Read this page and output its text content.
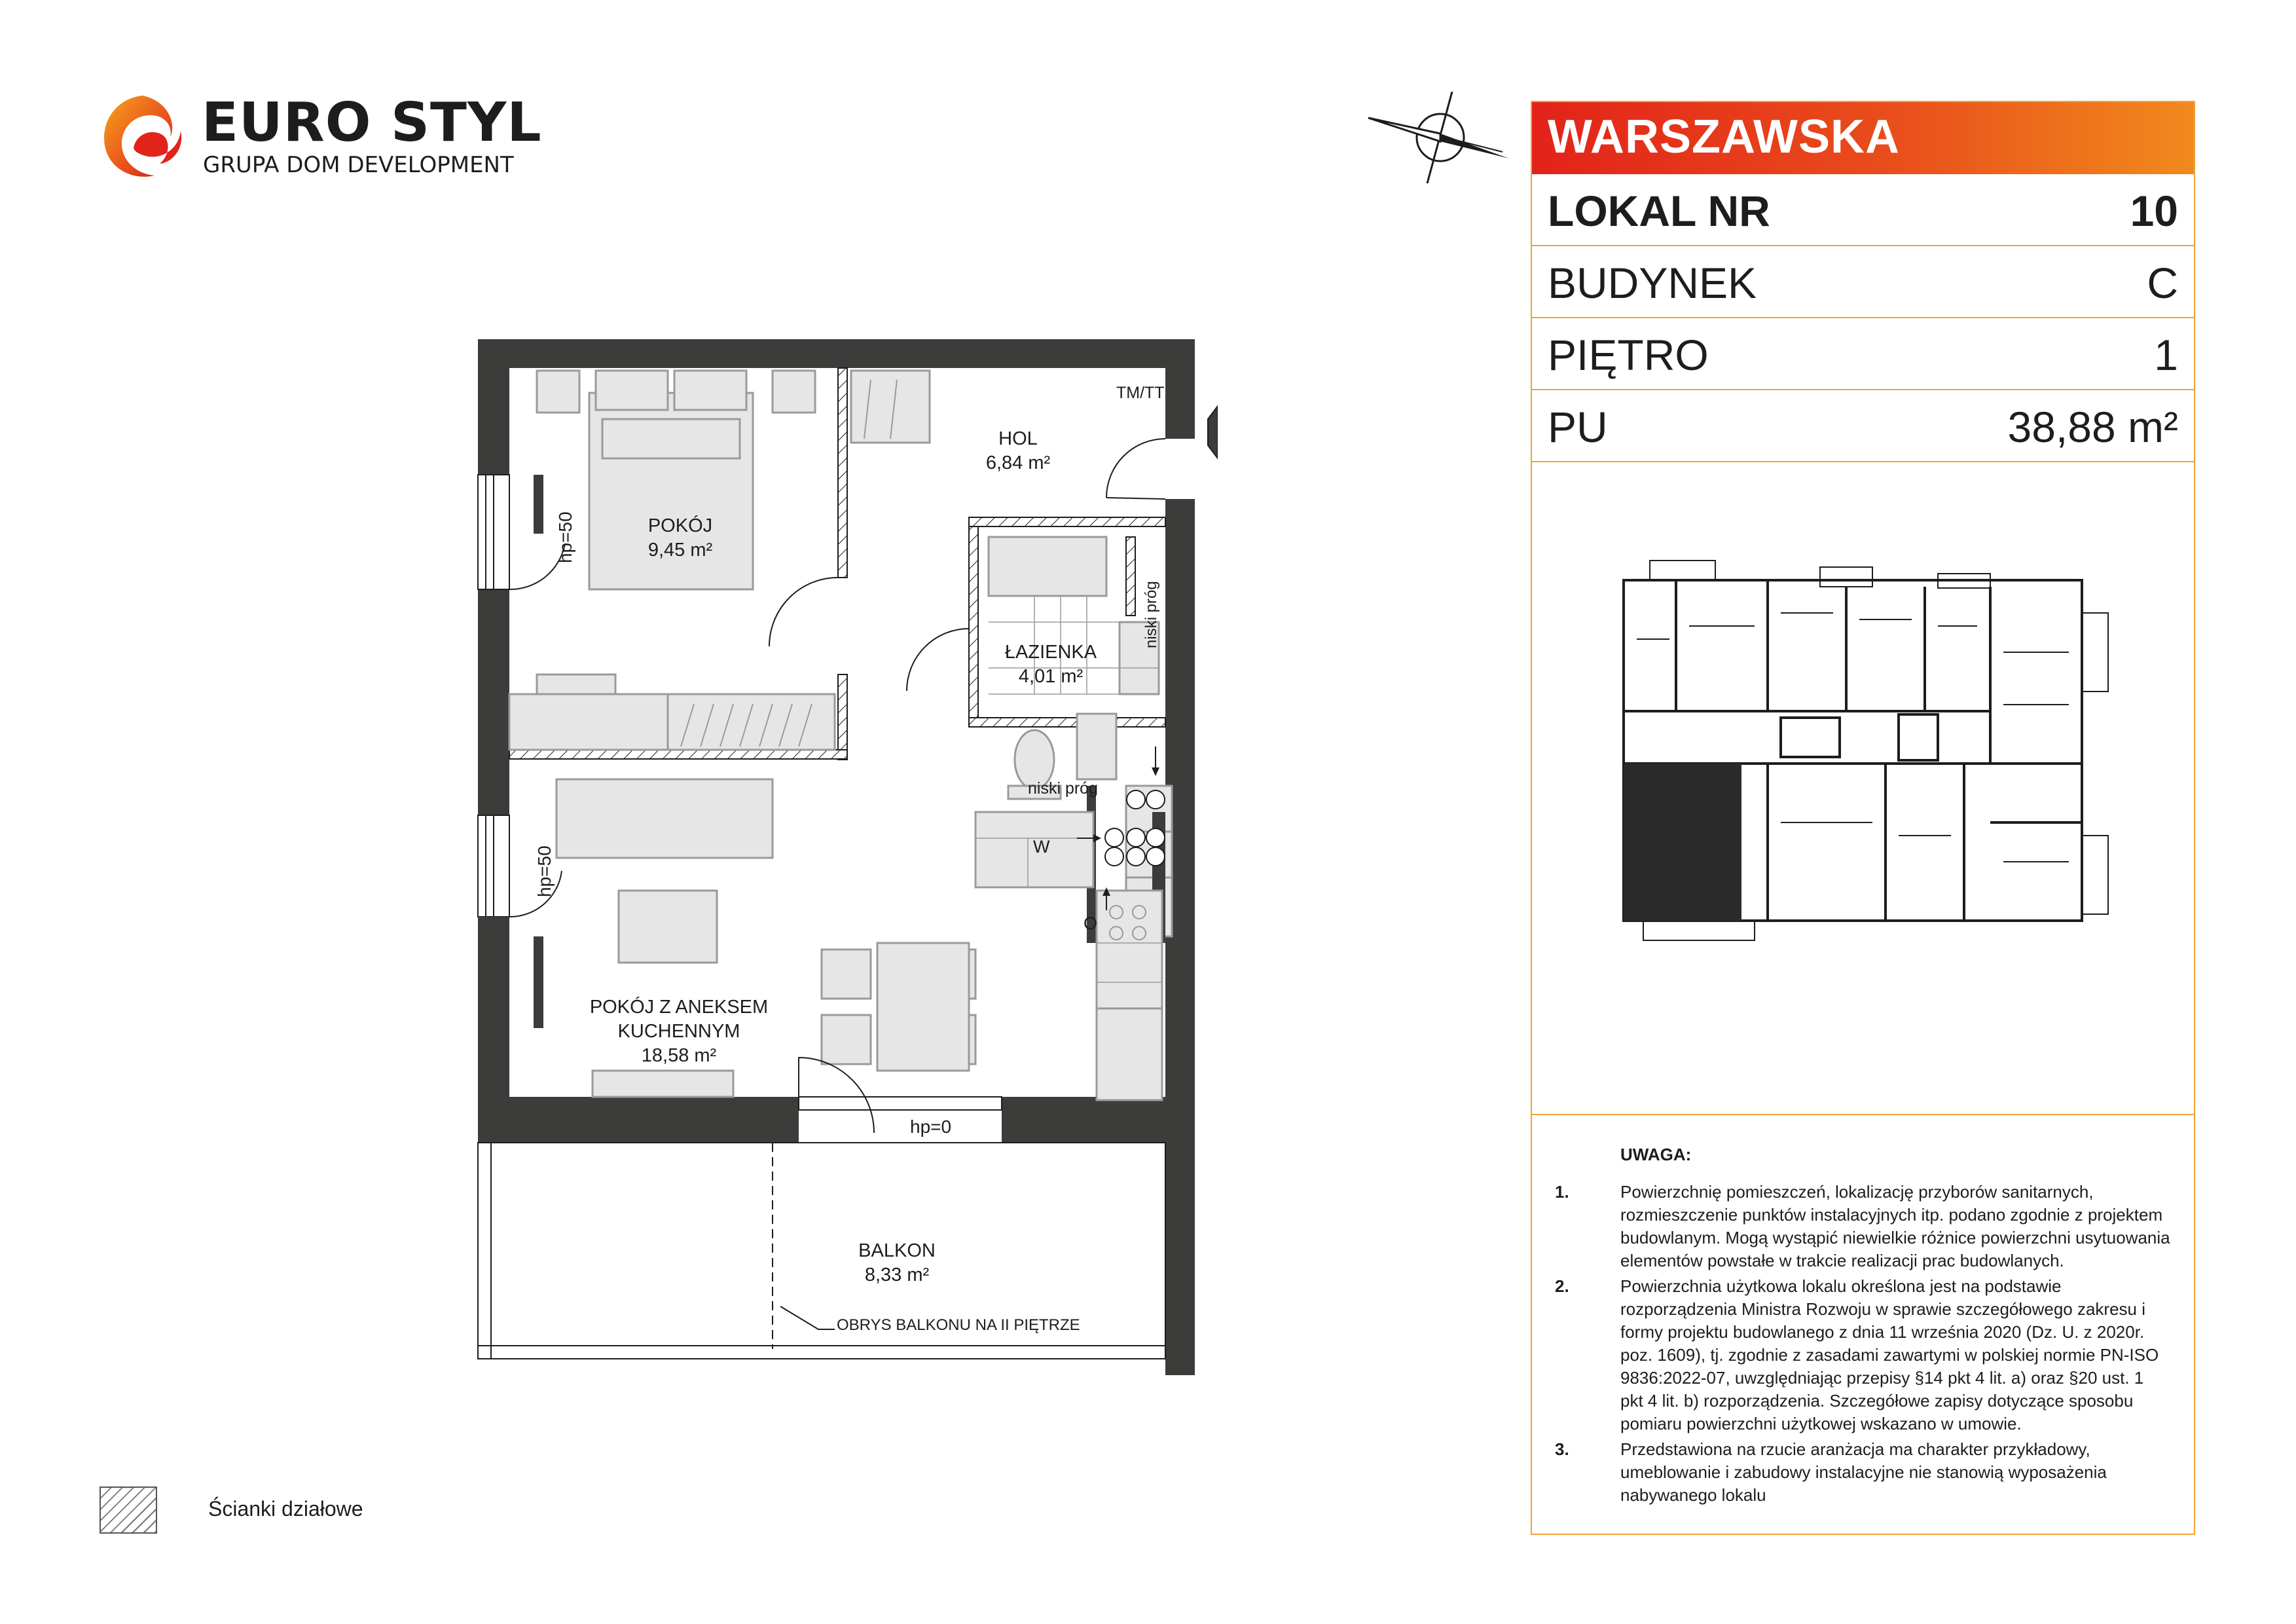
EURO STYL
GRUPA DOM DEVELOPMENT
WARSZAWSKA
LOKAL NR	10
BUDYNEK	C
PIĘTRO	1
PU	38,88 m²
UWAGA:
1.	Powierzchnię pomieszczeń, lokalizację przyborów sanitarnych, rozmieszczenie punktów instalacyjnych itp. podano zgodnie z projektem budowlanym. Mogą wystąpić niewielkie różnice powierzchni usytuowania elementów powstałe w trakcie realizacji prac budowlanych.
2.	Powierzchnia użytkowa lokalu określona jest na podstawie rozporządzenia Ministra Rozwoju w sprawie szczegółowego zakresu i formy projektu budowlanego z dnia 11 września 2020 (Dz. U. z 2020r. poz. 1609), tj. zgodnie z zasadami zawartymi w polskiej normie PN-ISO 9836:2022-07, uwzględniając przepisy §14 pkt 4 lit. a) oraz §20 ust. 1 pkt 4 lit. b) rozporządzenia. Szczegółowe zapisy dotyczące sposobu pomiaru powierzchni użytkowej wskazano w umowie.
3.	Przedstawiona na rzucie aranżacja ma charakter przykładowy, umeblowanie i zabudowy instalacyjne nie stanowią wyposażenia nabywanego lokalu
HOL
6,84 m²
POKÓJ
9,45 m²
ŁAZIENKA
4,01 m²
POKÓJ Z ANEKSEM
KUCHENNYM
18,58 m²
BALKON
8,33 m²
TM/TT
niski próg
niski próg
W
O
hp=0
hp=50
hp=50
OBRYS BALKONU NA II PIĘTRZE
Ścianki działowe
